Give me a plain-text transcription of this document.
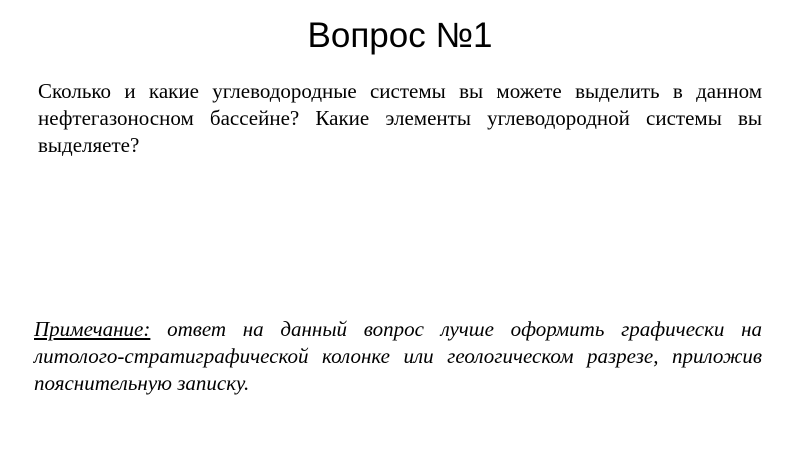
Вопрос №1

Сколько и какие углеводородные системы вы можете выделить в данном нефтегазоносном бассейне? Какие элементы углеводородной системы вы выделяете?

Примечание: ответ на данный вопрос лучше оформить графически на литолого-стратиграфической колонке или геологическом разрезе, приложив пояснительную записку.
